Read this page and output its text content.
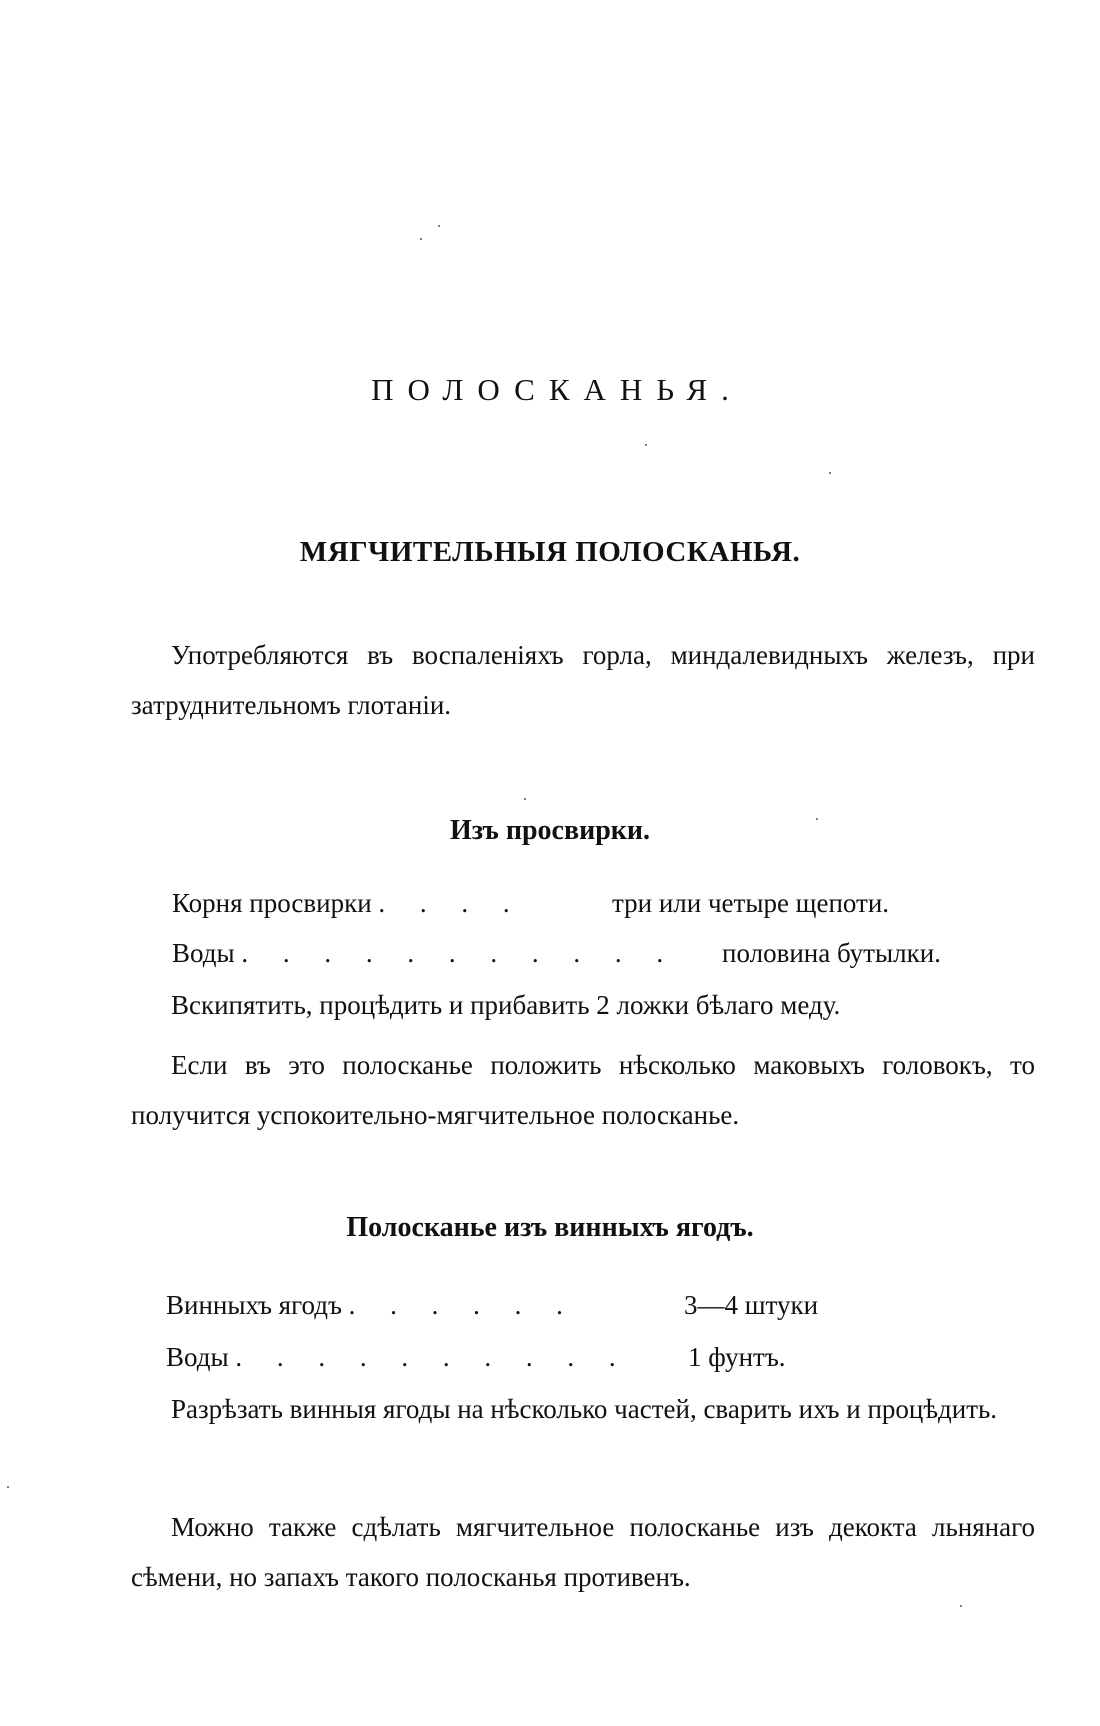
ПОЛОСКАНЬЯ.
МЯГЧИТЕЛЬНЫЯ ПОЛОСКАНЬЯ.
Употребляются въ воспаленіяхъ горла, миндалевидныхъ железъ, при затруднительномъ глотаніи.
Изъ просвирки.
Корня просвирки . . . .	три или четыре щепоти.
Воды . . . . . . . . . . . половина бутылки.
Вскипятить, процѣдить и прибавить 2 ложки бѣлаго меду.
Если въ это полосканье положить нѣсколько маковыхъ головокъ, то получится успокоительно-мягчительное полосканье.
Полосканье изъ винныхъ ягодъ.
Винныхъ ягодъ . . . . . .	3—4 штуки
Воды . . . . . . . . . . 1 фунтъ.
Разрѣзать винныя ягоды на нѣсколько частей, сварить ихъ и процѣдить.
Можно также сдѣлать мягчительное полосканье изъ декокта льнянаго сѣмени, но запахъ такого полосканья противенъ.
